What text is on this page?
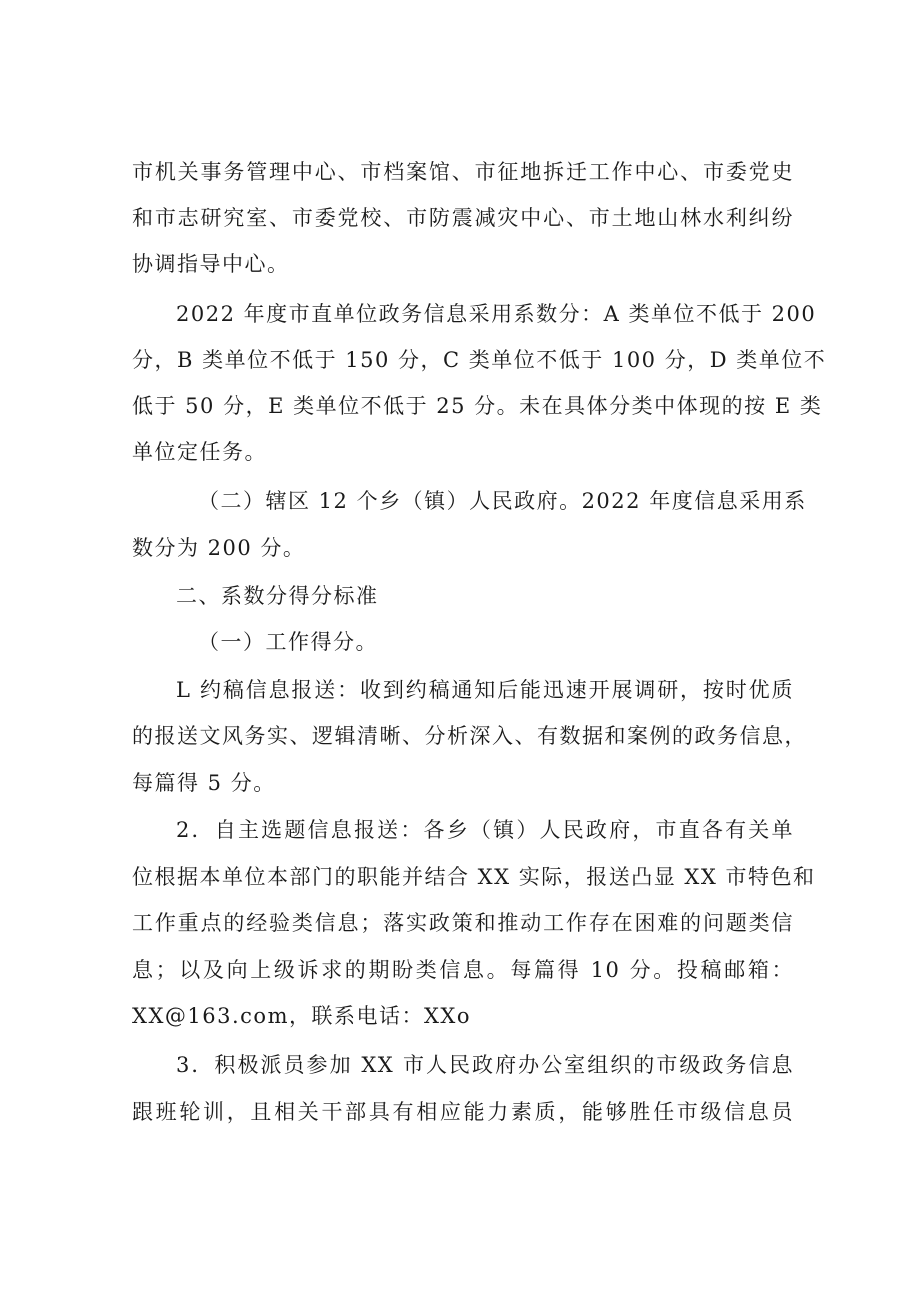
市机关事务管理中心、市档案馆、市征地拆迁工作中心、市委党史
和市志研究室、市委党校、市防震减灾中心、市土地山林水利纠纷
协调指导中心。
2022 年度市直单位政务信息采用系数分：A 类单位不低于 200
分，B 类单位不低于 150 分，C 类单位不低于 100 分，D 类单位不
低于 50 分，E 类单位不低于 25 分。未在具体分类中体现的按 E 类
单位定任务。
（二）辖区 12 个乡（镇）人民政府。2022 年度信息采用系
数分为 200 分。
二、系数分得分标准
（一）工作得分。
L 约稿信息报送：收到约稿通知后能迅速开展调研，按时优质
的报送文风务实、逻辑清晰、分析深入、有数据和案例的政务信息，
每篇得 5 分。
2．自主选题信息报送：各乡（镇）人民政府，市直各有关单
位根据本单位本部门的职能并结合 XX 实际，报送凸显 XX 市特色和
工作重点的经验类信息；落实政策和推动工作存在困难的问题类信
息；以及向上级诉求的期盼类信息。每篇得 10 分。投稿邮箱：
XX@163.com，联系电话：XXo
3．积极派员参加 XX 市人民政府办公室组织的市级政务信息
跟班轮训，且相关干部具有相应能力素质，能够胜任市级信息员
